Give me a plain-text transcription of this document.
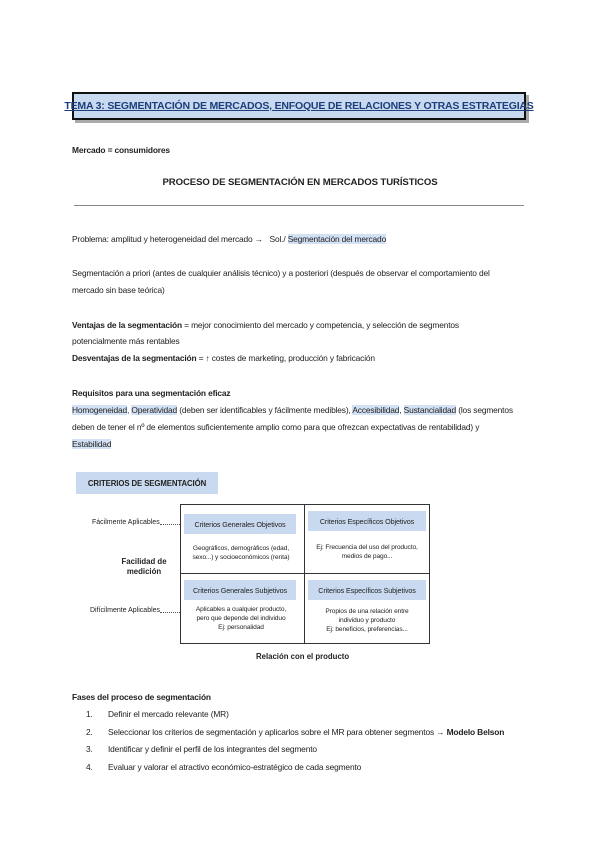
TEMA 3: SEGMENTACIÓN DE MERCADOS, ENFOQUE DE RELACIONES Y OTRAS ESTRATEGIAS
Mercado = consumidores
PROCESO DE SEGMENTACIÓN EN MERCADOS TURÍSTICOS
Problema: amplitud y heterogeneidad del mercado → Sol./ Segmentación del mercado
Segmentación a priori (antes de cualquier análisis técnico) y a posteriori (después de observar el comportamiento del
mercado sin base teórica)
Ventajas de la segmentación = mejor conocimiento del mercado y competencia, y selección de segmentos
potencialmente más rentables
Desventajas de la segmentación = ↑ costes de marketing, producción y fabricación
Requisitos para una segmentación eficaz
Homogeneidad, Operatividad (deben ser identificables y fácilmente medibles), Accesibilidad, Sustancialidad (los segmentos
deben de tener el nº de elementos suficientemente amplio como para que ofrezcan expectativas de rentabilidad) y
Estabilidad
CRITERIOS DE SEGMENTACIÓN
Fácilmente Aplicables
Facilidad de medición
Difícilmente Aplicables
Criterios Generales Objetivos
Geográficos, demográficos (edad,
sexo...) y socioeconómicos (renta)
Criterios Específicos Objetivos
Ej: Frecuencia del uso del producto,
medios de pago...
Criterios Generales Subjetivos
Aplicables a cualquier producto,
pero que depende del individuo
Ej: personalidad
Criterios Específicos Subjetivos
Propios de una relación entre
individuo y producto
Ej: beneficios, preferencias...
Relación con el producto
Fases del proceso de segmentación
1. Definir el mercado relevante (MR)
2. Seleccionar los criterios de segmentación y aplicarlos sobre el MR para obtener segmentos → Modelo Belson
3. Identificar y definir el perfil de los integrantes del segmento
4. Evaluar y valorar el atractivo económico-estratégico de cada segmento
